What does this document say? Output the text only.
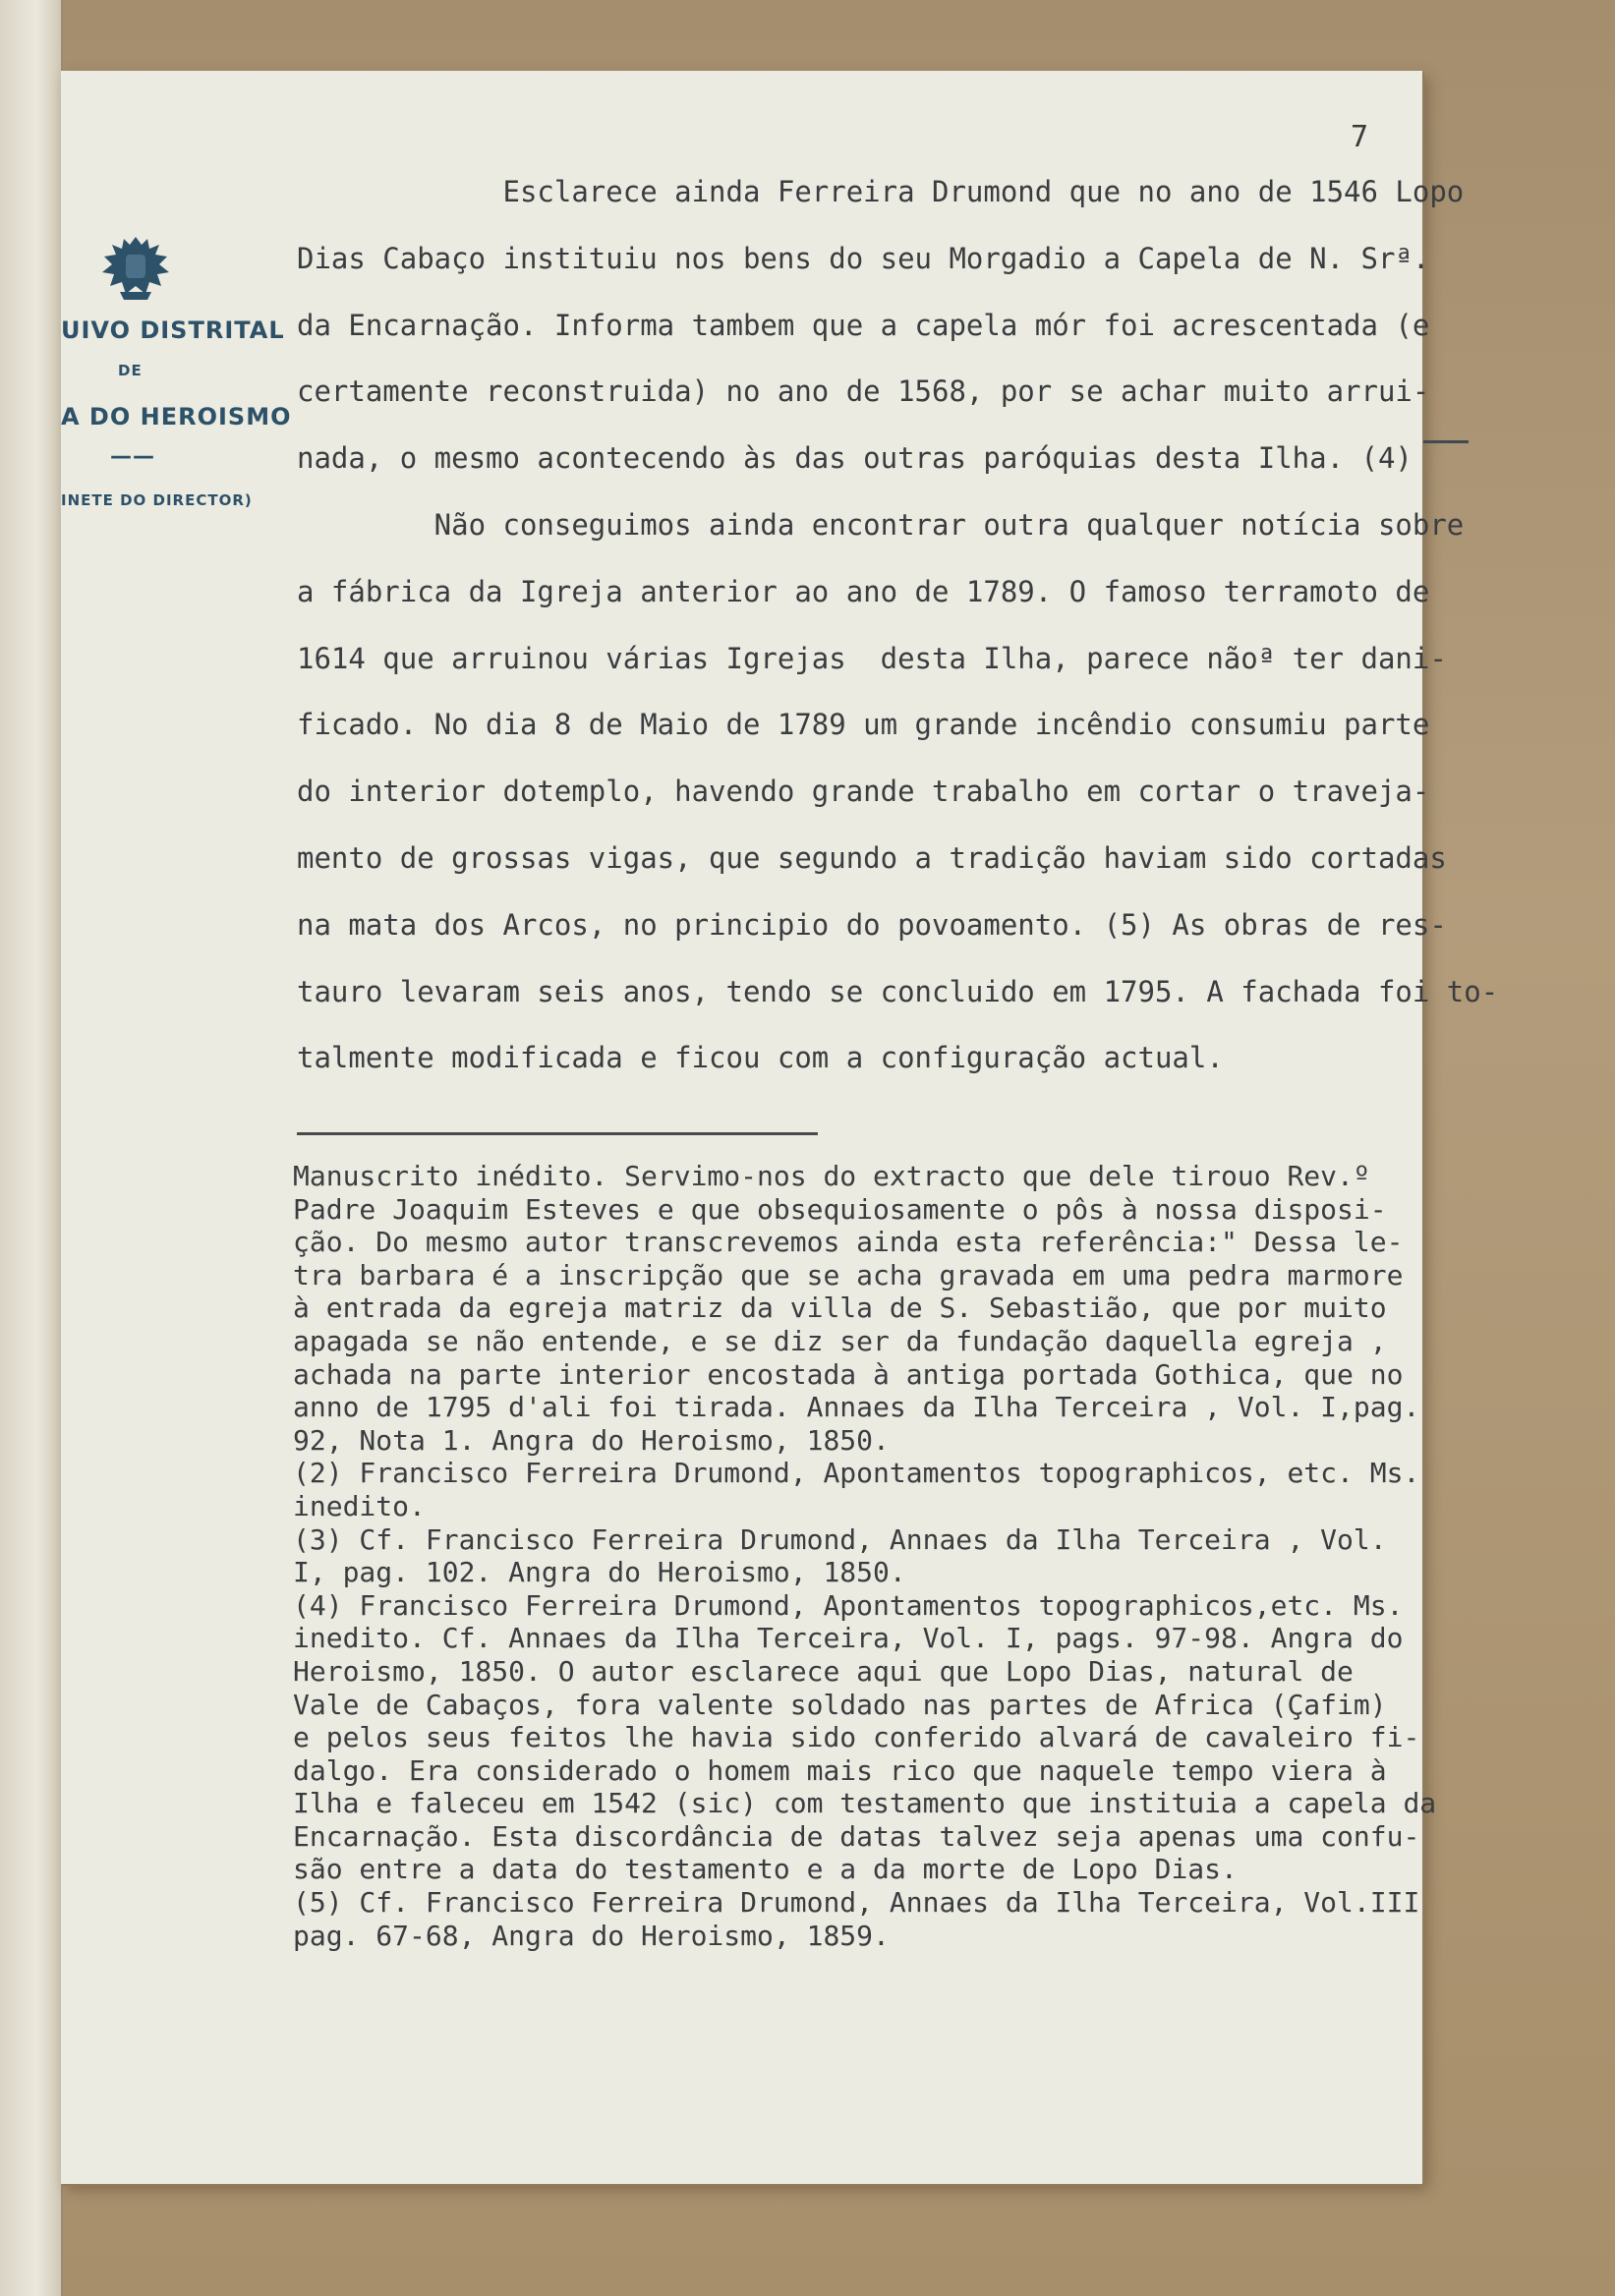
UIVO DISTRITAL
DE
A DO HEROISMO
——
INETE DO DIRECTOR)
7
Esclarece ainda Ferreira Drumond que no ano de 1546 Lopo
Dias Cabaço instituiu nos bens do seu Morgadio a Capela de N. Srª.
da Encarnação. Informa tambem que a capela mór foi acrescentada (e
certamente reconstruida) no ano de 1568, por se achar muito arrui-
nada, o mesmo acontecendo às das outras paróquias desta Ilha. (4)
Não conseguimos ainda encontrar outra qualquer notícia sobre
a fábrica da Igreja anterior ao ano de 1789. O famoso terramoto de
1614 que arruinou várias Igrejas  desta Ilha, parece nãoª ter dani-
ficado. No dia 8 de Maio de 1789 um grande incêndio consumiu parte
do interior dotemplo, havendo grande trabalho em cortar o traveja-
mento de grossas vigas, que segundo a tradição haviam sido cortadas
na mata dos Arcos, no principio do povoamento. (5) As obras de res-
tauro levaram seis anos, tendo se concluido em 1795. A fachada foi to-
talmente modificada e ficou com a configuração actual.
Manuscrito inédito. Servimo-nos do extracto que dele tirouo Rev.º
Padre Joaquim Esteves e que obsequiosamente o pôs à nossa disposi-
ção. Do mesmo autor transcrevemos ainda esta referência:" Dessa le-
tra barbara é a inscripção que se acha gravada em uma pedra marmore
à entrada da egreja matriz da villa de S. Sebastião, que por muito
apagada se não entende, e se diz ser da fundação daquella egreja ,
achada na parte interior encostada à antiga portada Gothica, que no
anno de 1795 d'ali foi tirada. Annaes da Ilha Terceira , Vol. I,pag.
92, Nota 1. Angra do Heroismo, 1850.
(2) Francisco Ferreira Drumond, Apontamentos topographicos, etc. Ms.
inedito.
(3) Cf. Francisco Ferreira Drumond, Annaes da Ilha Terceira , Vol.
I, pag. 102. Angra do Heroismo, 1850.
(4) Francisco Ferreira Drumond, Apontamentos topographicos,etc. Ms.
inedito. Cf. Annaes da Ilha Terceira, Vol. I, pags. 97-98. Angra do
Heroismo, 1850. O autor esclarece aqui que Lopo Dias, natural de
Vale de Cabaços, fora valente soldado nas partes de Africa (Çafim)
e pelos seus feitos lhe havia sido conferido alvará de cavaleiro fi-
dalgo. Era considerado o homem mais rico que naquele tempo viera à
Ilha e faleceu em 1542 (sic) com testamento que instituia a capela da
Encarnação. Esta discordância de datas talvez seja apenas uma confu-
são entre a data do testamento e a da morte de Lopo Dias.
(5) Cf. Francisco Ferreira Drumond, Annaes da Ilha Terceira, Vol.III
pag. 67-68, Angra do Heroismo, 1859.
